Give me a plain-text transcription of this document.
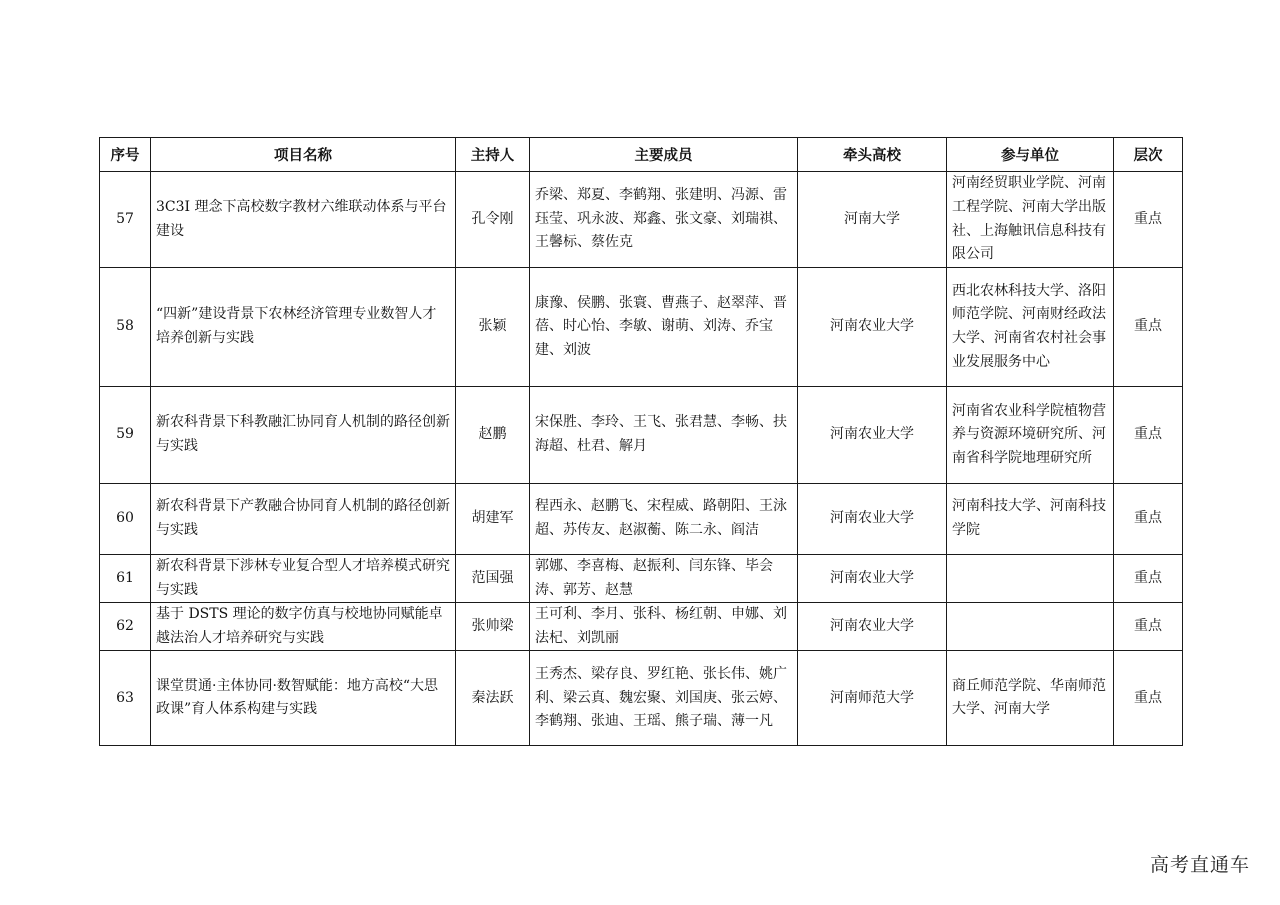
序号	项目名称	主持人	主要成员	牵头高校	参与单位	层次
57	3C3I 理念下高校数字教材六维联动体系与平台建设	孔令刚	乔梁、郑夏、李鹤翔、张建明、冯源、雷珏莹、巩永波、郑鑫、张文豪、刘瑞祺、王馨标、蔡佐克	河南大学	河南经贸职业学院、河南工程学院、河南大学出版社、上海触讯信息科技有限公司	重点
58	“四新”建设背景下农林经济管理专业数智人才培养创新与实践	张颖	康豫、侯鹏、张寰、曹燕子、赵翠萍、晋蓓、时心怡、李敏、谢萌、刘涛、乔宝建、刘波	河南农业大学	西北农林科技大学、洛阳师范学院、河南财经政法大学、河南省农村社会事业发展服务中心	重点
59	新农科背景下科教融汇协同育人机制的路径创新与实践	赵鹏	宋保胜、李玲、王飞、张君慧、李畅、扶海超、杜君、解月	河南农业大学	河南省农业科学院植物营养与资源环境研究所、河南省科学院地理研究所	重点
60	新农科背景下产教融合协同育人机制的路径创新与实践	胡建军	程西永、赵鹏飞、宋程威、路朝阳、王泳超、苏传友、赵淑蘅、陈二永、阎洁	河南农业大学	河南科技大学、河南科技学院	重点
61	新农科背景下涉林专业复合型人才培养模式研究与实践	范国强	郭娜、李喜梅、赵振利、闫东锋、毕会涛、郭芳、赵慧	河南农业大学		重点
62	基于 DSTS 理论的数字仿真与校地协同赋能卓越法治人才培养研究与实践	张帅梁	王可利、李月、张科、杨红朝、申娜、刘法杞、刘凯丽	河南农业大学		重点
63	课堂贯通·主体协同·数智赋能：地方高校“大思政课”育人体系构建与实践	秦法跃	王秀杰、梁存良、罗红艳、张长伟、姚广利、梁云真、魏宏聚、刘国庚、张云婷、李鹤翔、张迪、王瑶、熊子瑞、薄一凡	河南师范大学	商丘师范学院、华南师范大学、河南大学	重点
高考直通车
